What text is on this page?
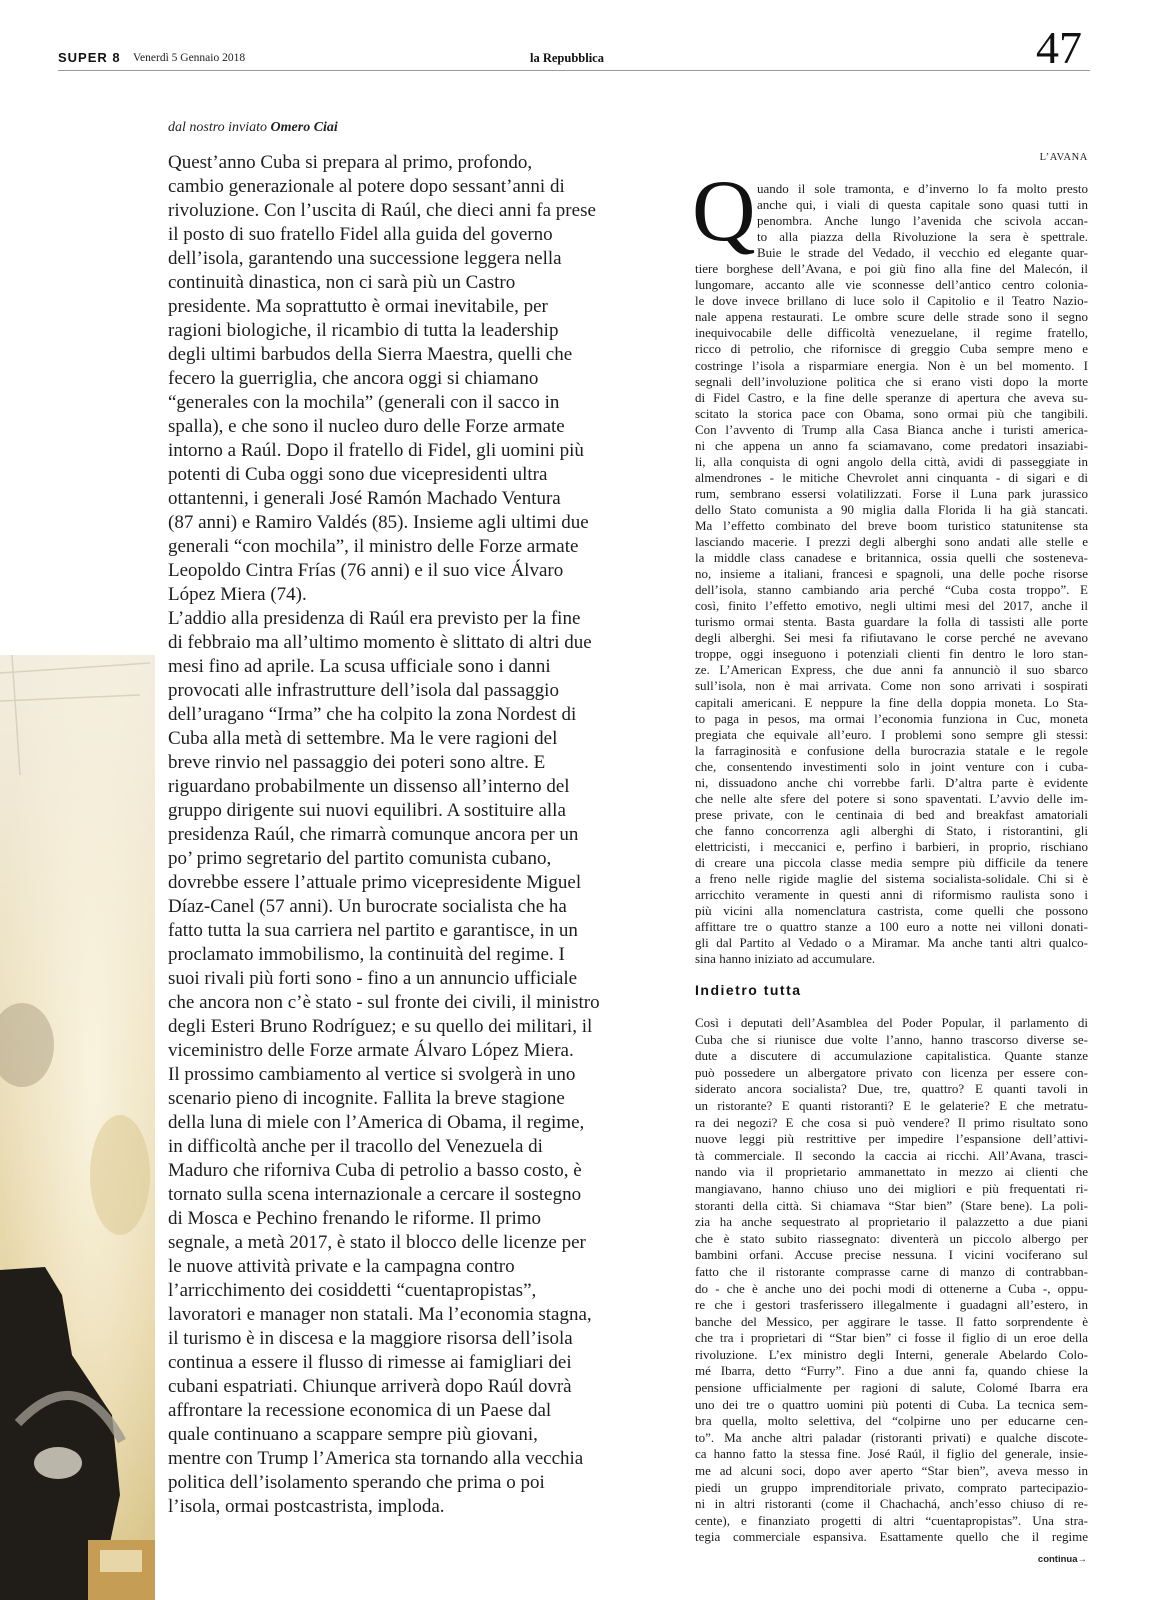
SUPER 8 Venerdì 5 Gennaio 2018	la Repubblica	47
dal nostro inviato Omero Ciai
Quest’anno Cuba si prepara al primo, profondo,
cambio generazionale al potere dopo sessant’anni di
rivoluzione. Con l’uscita di Raúl, che dieci anni fa prese
il posto di suo fratello Fidel alla guida del governo
dell’isola, garantendo una successione leggera nella
continuità dinastica, non ci sarà più un Castro
presidente. Ma soprattutto è ormai inevitabile, per
ragioni biologiche, il ricambio di tutta la leadership
degli ultimi barbudos della Sierra Maestra, quelli che
fecero la guerriglia, che ancora oggi si chiamano
“generales con la mochila” (generali con il sacco in
spalla), e che sono il nucleo duro delle Forze armate
intorno a Raúl. Dopo il fratello di Fidel, gli uomini più
potenti di Cuba oggi sono due vicepresidenti ultra
ottantenni, i generali José Ramón Machado Ventura
(87 anni) e Ramiro Valdés (85). Insieme agli ultimi due
generali “con mochila”, il ministro delle Forze armate
Leopoldo Cintra Frías (76 anni) e il suo vice Álvaro
López Miera (74).
L’addio alla presidenza di Raúl era previsto per la fine
di febbraio ma all’ultimo momento è slittato di altri due
mesi fino ad aprile. La scusa ufficiale sono i danni
provocati alle infrastrutture dell’isola dal passaggio
dell’uragano “Irma” che ha colpito la zona Nordest di
Cuba alla metà di settembre. Ma le vere ragioni del
breve rinvio nel passaggio dei poteri sono altre. E
riguardano probabilmente un dissenso all’interno del
gruppo dirigente sui nuovi equilibri. A sostituire alla
presidenza Raúl, che rimarrà comunque ancora per un
po’ primo segretario del partito comunista cubano,
dovrebbe essere l’attuale primo vicepresidente Miguel
Díaz-Canel (57 anni). Un burocrate socialista che ha
fatto tutta la sua carriera nel partito e garantisce, in un
proclamato immobilismo, la continuità del regime. I
suoi rivali più forti sono - fino a un annuncio ufficiale
che ancora non c’è stato - sul fronte dei civili, il ministro
degli Esteri Bruno Rodríguez; e su quello dei militari, il
viceministro delle Forze armate Álvaro López Miera.
Il prossimo cambiamento al vertice si svolgerà in uno
scenario pieno di incognite. Fallita la breve stagione
della luna di miele con l’America di Obama, il regime,
in difficoltà anche per il tracollo del Venezuela di
Maduro che riforniva Cuba di petrolio a basso costo, è
tornato sulla scena internazionale a cercare il sostegno
di Mosca e Pechino frenando le riforme. Il primo
segnale, a metà 2017, è stato il blocco delle licenze per
le nuove attività private e la campagna contro
l’arricchimento dei cosiddetti “cuentapropistas”,
lavoratori e manager non statali. Ma l’economia stagna,
il turismo è in discesa e la maggiore risorsa dell’isola
continua a essere il flusso di rimesse ai famigliari dei
cubani espatriati. Chiunque arriverà dopo Raúl dovrà
affrontare la recessione economica di un Paese dal
quale continuano a scappare sempre più giovani,
mentre con Trump l’America sta tornando alla vecchia
politica dell’isolamento sperando che prima o poi
l’isola, ormai postcastrista, imploda.
L’AVANA
Q uando il sole tramonta, e d’inverno lo fa molto presto
anche qui, i viali di questa capitale sono quasi tutti in
penombra. Anche lungo l’avenida che scivola accan-
to alla piazza della Rivoluzione la sera è spettrale.
Buie le strade del Vedado, il vecchio ed elegante quar-
tiere borghese dell’Avana, e poi giù fino alla fine del Malecón, il
lungomare, accanto alle vie sconnesse dell’antico centro colonia-
le dove invece brillano di luce solo il Capitolio e il Teatro Nazio-
nale appena restaurati. Le ombre scure delle strade sono il segno
inequivocabile delle difficoltà venezuelane, il regime fratello,
ricco di petrolio, che rifornisce di greggio Cuba sempre meno e
costringe l’isola a risparmiare energia. Non è un bel momento. I
segnali dell’involuzione politica che si erano visti dopo la morte
di Fidel Castro, e la fine delle speranze di apertura che aveva su-
scitato la storica pace con Obama, sono ormai più che tangibili.
Con l’avvento di Trump alla Casa Bianca anche i turisti america-
ni che appena un anno fa sciamavano, come predatori insaziabi-
li, alla conquista di ogni angolo della città, avidi di passeggiate in
almendrones - le mitiche Chevrolet anni cinquanta - di sigari e di
rum, sembrano essersi volatilizzati. Forse il Luna park jurassico
dello Stato comunista a 90 miglia dalla Florida li ha già stancati.
Ma l’effetto combinato del breve boom turistico statunitense sta
lasciando macerie. I prezzi degli alberghi sono andati alle stelle e
la middle class canadese e britannica, ossia quelli che sosteneva-
no, insieme a italiani, francesi e spagnoli, una delle poche risorse
dell’isola, stanno cambiando aria perché “Cuba costa troppo”. E
così, finito l’effetto emotivo, negli ultimi mesi del 2017, anche il
turismo ormai stenta. Basta guardare la folla di tassisti alle porte
degli alberghi. Sei mesi fa rifiutavano le corse perché ne avevano
troppe, oggi inseguono i potenziali clienti fin dentro le loro stan-
ze. L’American Express, che due anni fa annunciò il suo sbarco
sull’isola, non è mai arrivata. Come non sono arrivati i sospirati
capitali americani. E neppure la fine della doppia moneta. Lo Sta-
to paga in pesos, ma ormai l’economia funziona in Cuc, moneta
pregiata che equivale all’euro. I problemi sono sempre gli stessi:
la farraginosità e confusione della burocrazia statale e le regole
che, consentendo investimenti solo in joint venture con i cuba-
ni, dissuadono anche chi vorrebbe farli. D’altra parte è evidente
che nelle alte sfere del potere si sono spaventati. L’avvio delle im-
prese private, con le centinaia di bed and breakfast amatoriali
che fanno concorrenza agli alberghi di Stato, i ristorantini, gli
elettricisti, i meccanici e, perfino i barbieri, in proprio, rischiano
di creare una piccola classe media sempre più difficile da tenere
a freno nelle rigide maglie del sistema socialista-solidale. Chi si è
arricchito veramente in questi anni di riformismo raulista sono i
più vicini alla nomenclatura castrista, come quelli che possono
affittare tre o quattro stanze a 100 euro a notte nei villoni donati-
gli dal Partito al Vedado o a Miramar. Ma anche tanti altri qualco-
sina hanno iniziato ad accumulare.
Indietro tutta
Così i deputati dell’Asamblea del Poder Popular, il parlamento di
Cuba che si riunisce due volte l’anno, hanno trascorso diverse se-
dute a discutere di accumulazione capitalistica. Quante stanze
può possedere un albergatore privato con licenza per essere con-
siderato ancora socialista? Due, tre, quattro? E quanti tavoli in
un ristorante? E quanti ristoranti? E le gelaterie? E che metratu-
ra dei negozi? E che cosa si può vendere? Il primo risultato sono
nuove leggi più restrittive per impedire l’espansione dell’attivi-
tà commerciale. Il secondo la caccia ai ricchi. All’Avana, trasci-
nando via il proprietario ammanettato in mezzo ai clienti che
mangiavano, hanno chiuso uno dei migliori e più frequentati ri-
storanti della città. Si chiamava “Star bien” (Stare bene). La poli-
zia ha anche sequestrato al proprietario il palazzetto a due piani
che è stato subito riassegnato: diventerà un piccolo albergo per
bambini orfani. Accuse precise nessuna. I vicini vociferano sul
fatto che il ristorante comprasse carne di manzo di contrabban-
do - che è anche uno dei pochi modi di ottenerne a Cuba -, oppu-
re che i gestori trasferissero illegalmente i guadagni all’estero, in
banche del Messico, per aggirare le tasse. Il fatto sorprendente è
che tra i proprietari di “Star bien” ci fosse il figlio di un eroe della
rivoluzione. L’ex ministro degli Interni, generale Abelardo Colo-
mé Ibarra, detto “Furry”. Fino a due anni fa, quando chiese la
pensione ufficialmente per ragioni di salute, Colomé Ibarra era
uno dei tre o quattro uomini più potenti di Cuba. La tecnica sem-
bra quella, molto selettiva, del “colpirne uno per educarne cen-
to”. Ma anche altri paladar (ristoranti privati) e qualche discote-
ca hanno fatto la stessa fine. José Raúl, il figlio del generale, insie-
me ad alcuni soci, dopo aver aperto “Star bien”, aveva messo in
piedi un gruppo imprenditoriale privato, comprato partecipazio-
ni in altri ristoranti (come il Chachachá, anch’esso chiuso di re-
cente), e finanziato progetti di altri “cuentapropistas”. Una stra-
tegia commerciale espansiva. Esattamente quello che il regime
continua→
